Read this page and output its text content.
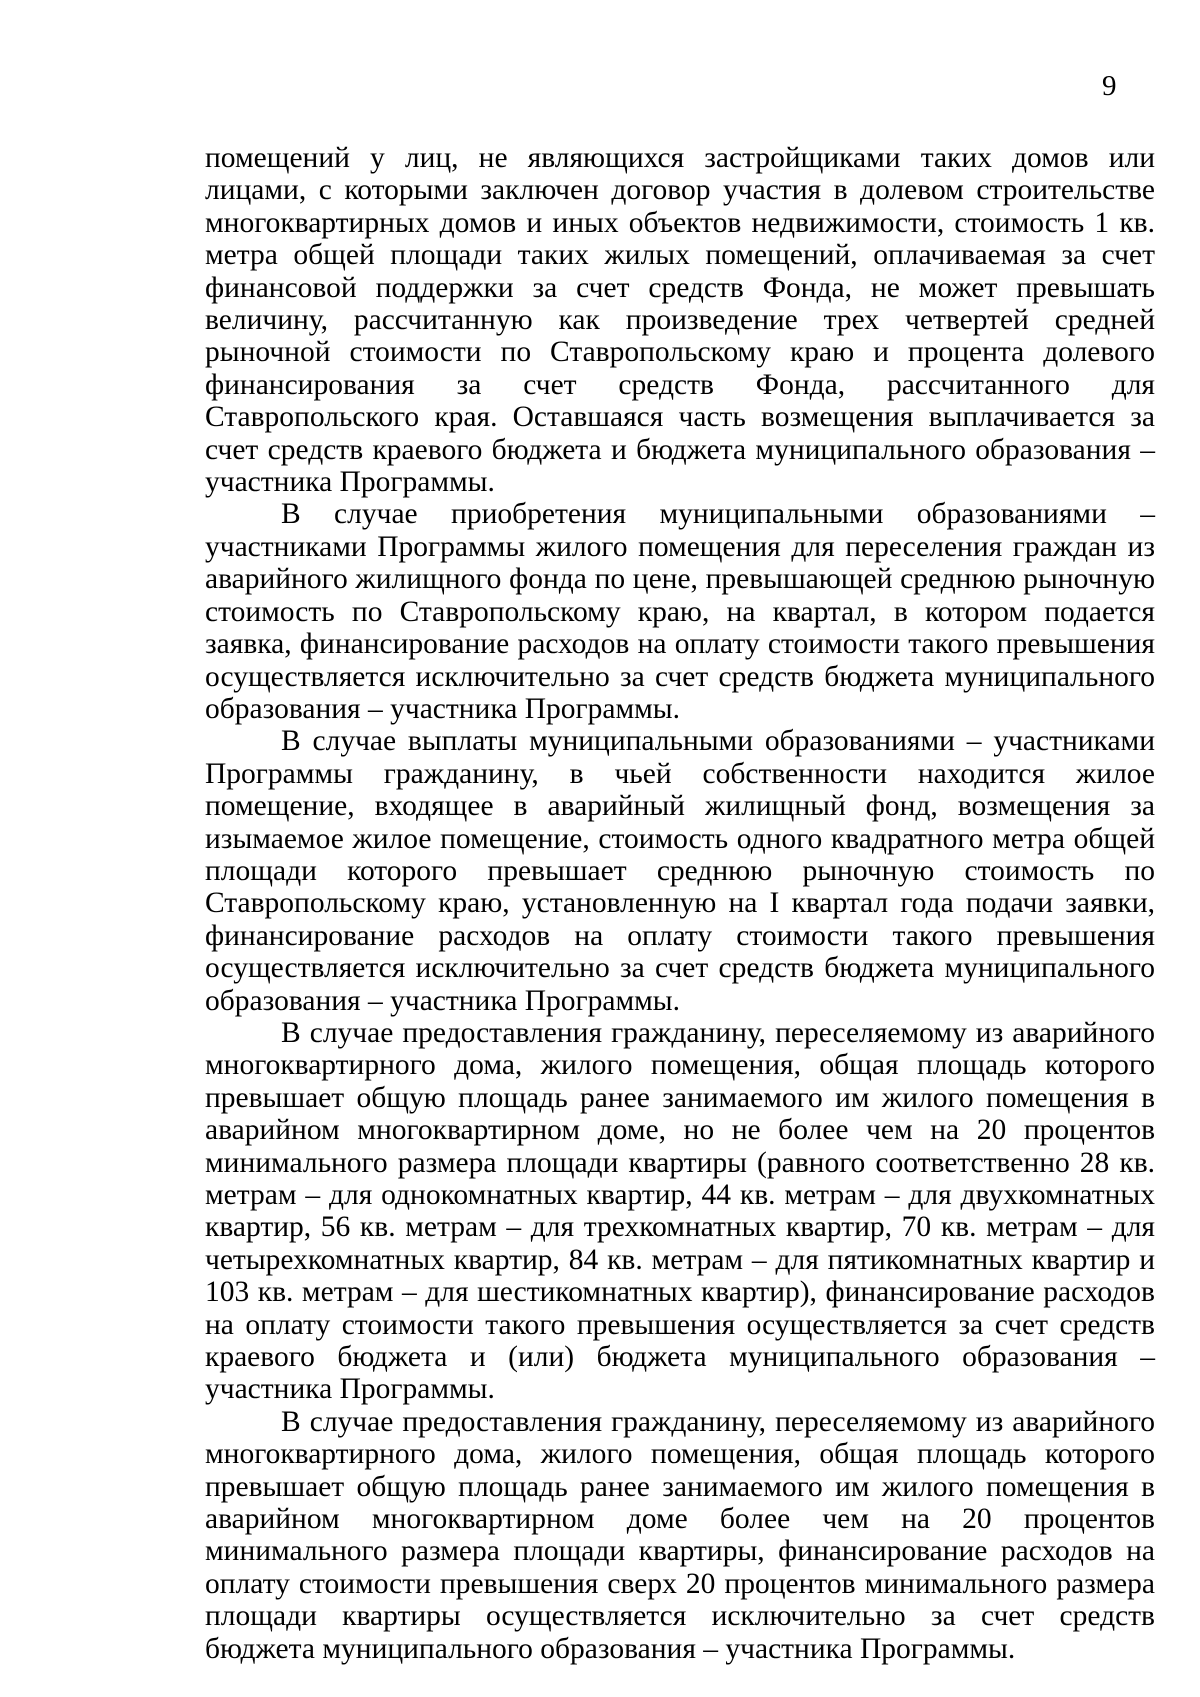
9

помещений у лиц, не являющихся застройщиками таких домов или лицами, с которыми заключен договор участия в долевом строительстве многоквартирных домов и иных объектов недвижимости, стоимость 1 кв. метра общей площади таких жилых помещений, оплачиваемая за счет финансовой поддержки за счет средств Фонда, не может превышать величину, рассчитанную как произведение трех четвертей средней рыночной стоимости по Ставропольскому краю и процента долевого финансирования за счет средств Фонда, рассчитанного для Ставропольского края. Оставшаяся часть возмещения выплачивается за счет средств краевого бюджета и бюджета муниципального образования – участника Программы.

В случае приобретения муниципальными образованиями – участниками Программы жилого помещения для переселения граждан из аварийного жилищного фонда по цене, превышающей среднюю рыночную стоимость по Ставропольскому краю, на квартал, в котором подается заявка, финансирование расходов на оплату стоимости такого превышения осуществляется исключительно за счет средств бюджета муниципального образования – участника Программы.

В случае выплаты муниципальными образованиями – участниками Программы гражданину, в чьей собственности находится жилое помещение, входящее в аварийный жилищный фонд, возмещения за изымаемое жилое помещение, стоимость одного квадратного метра общей площади которого превышает среднюю рыночную стоимость по Ставропольскому краю, установленную на I квартал года подачи заявки, финансирование расходов на оплату стоимости такого превышения осуществляется исключительно за счет средств бюджета муниципального образования – участника Программы.

В случае предоставления гражданину, переселяемому из аварийного многоквартирного дома, жилого помещения, общая площадь которого превышает общую площадь ранее занимаемого им жилого помещения в аварийном многоквартирном доме, но не более чем на 20 процентов минимального размера площади квартиры (равного соответственно 28 кв. метрам – для однокомнатных квартир, 44 кв. метрам – для двухкомнатных квартир, 56 кв. метрам – для трехкомнатных квартир, 70 кв. метрам – для четырехкомнатных квартир, 84 кв. метрам – для пятикомнатных квартир и 103 кв. метрам – для шестикомнатных квартир), финансирование расходов на оплату стоимости такого превышения осуществляется за счет средств краевого бюджета и (или) бюджета муниципального образования – участника Программы.

В случае предоставления гражданину, переселяемому из аварийного многоквартирного дома, жилого помещения, общая площадь которого превышает общую площадь ранее занимаемого им жилого помещения в аварийном многоквартирном доме более чем на 20 процентов минимального размера площади квартиры, финансирование расходов на оплату стоимости превышения сверх 20 процентов минимального размера площади квартиры осуществляется исключительно за счет средств бюджета муниципального образования – участника Программы.
